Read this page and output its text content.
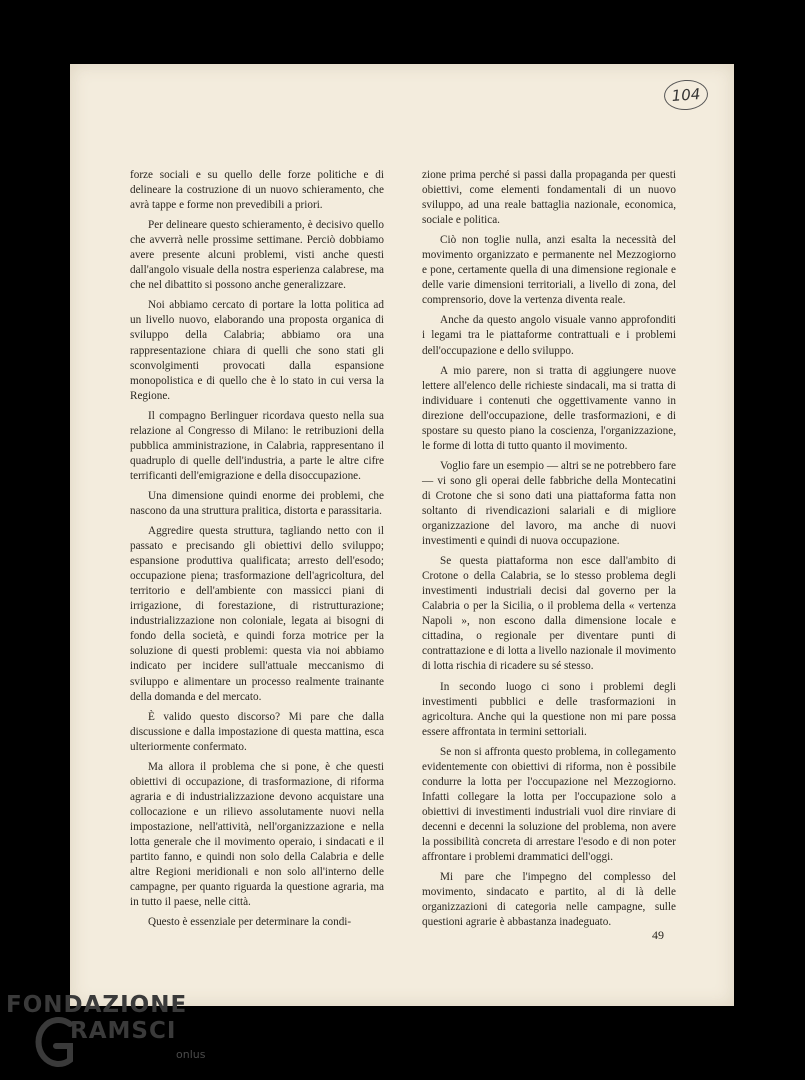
104

forze sociali e su quello delle forze politiche e di delineare la costruzione di un nuovo schieramento, che avrà tappe e forme non prevedibili a priori.

Per delineare questo schieramento, è decisivo quello che avverrà nelle prossime settimane. Perciò dobbiamo avere presente alcuni problemi, visti anche questi dall'angolo visuale della nostra esperienza calabrese, ma che nel dibattito si possono anche generalizzare.

Noi abbiamo cercato di portare la lotta politica ad un livello nuovo, elaborando una proposta organica di sviluppo della Calabria; abbiamo ora una rappresentazione chiara di quelli che sono stati gli sconvolgimenti provocati dalla espansione monopolistica e di quello che è lo stato in cui versa la Regione.

Il compagno Berlinguer ricordava questo nella sua relazione al Congresso di Milano: le retribuzioni della pubblica amministrazione, in Calabria, rappresentano il quadruplo di quelle dell'industria, a parte le altre cifre terrificanti dell'emigrazione e della disoccupazione.

Una dimensione quindi enorme dei problemi, che nascono da una struttura pralitica, distorta e parassitaria.

Aggredire questa struttura, tagliando netto con il passato e precisando gli obiettivi dello sviluppo; espansione produttiva qualificata; arresto dell'esodo; occupazione piena; trasformazione dell'agricoltura, del territorio e dell'ambiente con massicci piani di irrigazione, di forestazione, di ristrutturazione; industrializzazione non coloniale, legata ai bisogni di fondo della società, e quindi forza motrice per la soluzione di questi problemi: questa via noi abbiamo indicato per incidere sull'attuale meccanismo di sviluppo e alimentare un processo realmente trainante della domanda e del mercato.

È valido questo discorso? Mi pare che dalla discussione e dalla impostazione di questa mattina, esca ulteriormente confermato.

Ma allora il problema che si pone, è che questi obiettivi di occupazione, di trasformazione, di riforma agraria e di industrializzazione devono acquistare una collocazione e un rilievo assolutamente nuovi nella impostazione, nell'attività, nell'organizzazione e nella lotta generale che il movimento operaio, i sindacati e il partito fanno, e quindi non solo della Calabria e delle altre Regioni meridionali e non solo all'interno delle campagne, per quanto riguarda la questione agraria, ma in tutto il paese, nelle città.

Questo è essenziale per determinare la condi-

zione prima perché si passi dalla propaganda per questi obiettivi, come elementi fondamentali di un nuovo sviluppo, ad una reale battaglia nazionale, economica, sociale e politica.

Ciò non toglie nulla, anzi esalta la necessità del movimento organizzato e permanente nel Mezzogiorno e pone, certamente quella di una dimensione regionale e delle varie dimensioni territoriali, a livello di zona, del comprensorio, dove la vertenza diventa reale.

Anche da questo angolo visuale vanno approfonditi i legami tra le piattaforme contrattuali e i problemi dell'occupazione e dello sviluppo.

A mio parere, non si tratta di aggiungere nuove lettere all'elenco delle richieste sindacali, ma si tratta di individuare i contenuti che oggettivamente vanno in direzione dell'occupazione, delle trasformazioni, e di spostare su questo piano la coscienza, l'organizzazione, le forme di lotta di tutto quanto il movimento.

Voglio fare un esempio — altri se ne potrebbero fare — vi sono gli operai delle fabbriche della Montecatini di Crotone che si sono dati una piattaforma fatta non soltanto di rivendicazioni salariali e di migliore organizzazione del lavoro, ma anche di nuovi investimenti e quindi di nuova occupazione.

Se questa piattaforma non esce dall'ambito di Crotone o della Calabria, se lo stesso problema degli investimenti industriali decisi dal governo per la Calabria o per la Sicilia, o il problema della « vertenza Napoli », non escono dalla dimensione locale e cittadina, o regionale per diventare punti di contrattazione e di lotta a livello nazionale il movimento di lotta rischia di ricadere su sé stesso.

In secondo luogo ci sono i problemi degli investimenti pubblici e delle trasformazioni in agricoltura. Anche qui la questione non mi pare possa essere affrontata in termini settoriali.

Se non si affronta questo problema, in collegamento evidentemente con obiettivi di riforma, non è possibile condurre la lotta per l'occupazione nel Mezzogiorno. Infatti collegare la lotta per l'occupazione solo a obiettivi di investimenti industriali vuol dire rinviare di decenni e decenni la soluzione del problema, non avere la possibilità concreta di arrestare l'esodo e di non poter affrontare i problemi drammatici dell'oggi.

Mi pare che l'impegno del complesso del movimento, sindacato e partito, al di là delle organizzazioni di categoria nelle campagne, sulle questioni agrarie è abbastanza inadeguato.

49
FONDAZIONE
RAMSCI
onlus
